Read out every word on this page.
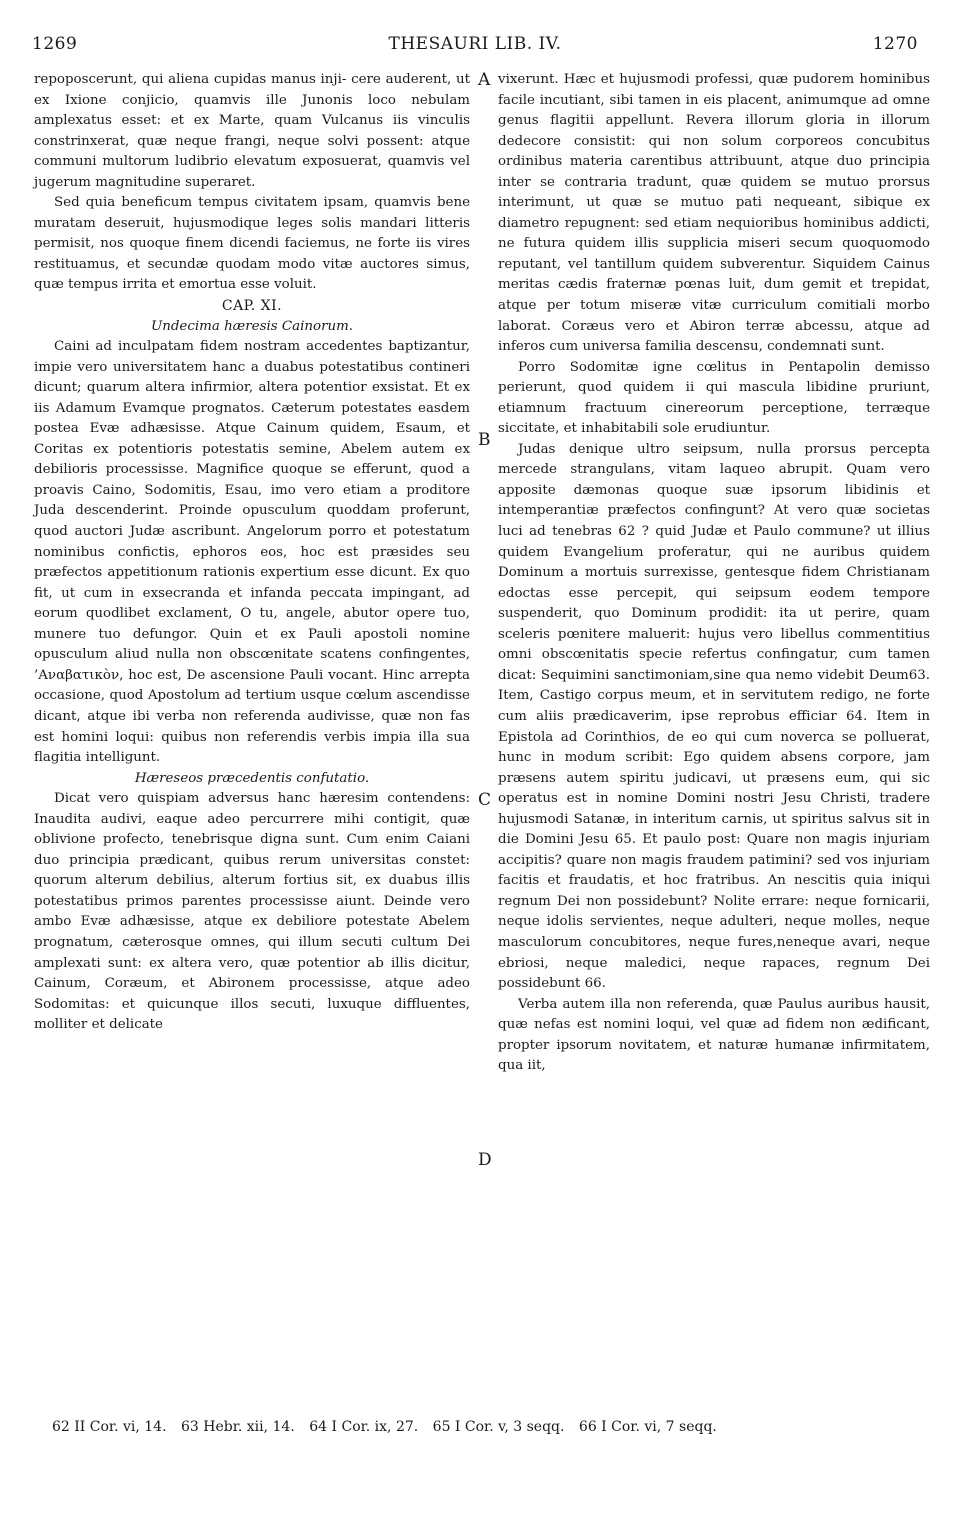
1269	THESAURI LIB. IV.	1270

repoposcerunt, qui aliena cupidas manus inji- cere auderent, ut ex Ixione conjicio, quamvis ille Junonis loco nebulam amplexatus esset: et ex Marte, quam Vulcanus iis vinculis constrinxerat, quæ neque frangi, neque solvi possent: atque communi multorum ludibrio elevatum exposuerat, quamvis vel jugerum magnitudine superaret.

Sed quia beneficum tempus civitatem ipsam, quamvis bene muratam deseruit, hujusmodique leges solis mandari litteris permisit, nos quoque finem dicendi faciemus, ne forte iis vires restituamus, et secundæ quodam modo vitæ auctores simus, quæ tempus irrita et emortua esse voluit.

CAP. XI.

Undecima hæresis Cainorum.

Caini ad inculpatam fidem nostram accedentes baptizantur, impie vero universitatem hanc a duabus potestatibus contineri dicunt; quarum altera infirmior, altera potentior exsistat. Et ex iis Adamum Evamque prognatos. Cæterum potestates easdem postea Evæ adhæsisse. Atque Cainum quidem, Esaum, et Coritas ex potentioris potestatis semine, Abelem autem ex debilioris processisse. Magnifice quoque se efferunt, quod a proavis Caino, Sodomitis, Esau, imo vero etiam a proditore Juda descenderint. Proinde opusculum quoddam proferunt, quod auctori Judæ ascribunt. Angelorum porro et potestatum nominibus confictis, ephoros eos, hoc est præsides seu præfectos appetitionum rationis expertium esse dicunt. Ex quo fit, ut cum in exsecranda et infanda peccata impingant, ad eorum quodlibet exclament, O tu, angele, abutor opere tuo, munere tuo defungor. Quin et ex Pauli apostoli nomine opusculum aliud nulla non obscœnitate scatens confingentes, ’Αναβατικὸν, hoc est, De ascensione Pauli vocant. Hinc arrepta occasione, quod Apostolum ad tertium usque cœlum ascendisse dicant, atque ibi verba non referenda audivisse, quæ non fas est homini loqui: quibus non referendis verbis impia illa sua flagitia intelligunt.

Hæreseos præcedentis confutatio.

Dicat vero quispiam adversus hanc hæresim contendens: Inaudita audivi, eaque adeo percurrere mihi contigit, quæ oblivione profecto, tenebrisque digna sunt. Cum enim Caiani duo principia prædicant, quibus rerum universitas constet: quorum alterum debilius, alterum fortius sit, ex duabus illis potestatibus primos parentes processisse aiunt. Deinde vero ambo Evæ adhæsisse, atque ex debiliore potestate Abelem prognatum, cæterosque omnes, qui illum secuti cultum Dei amplexati sunt: ex altera vero, quæ potentior ab illis dicitur, Cainum, Coræum, et Abironem processisse, atque adeo Sodomitas: et quicunque illos secuti, luxuque diffluentes, molliter et delicate

A
B
C
D

vixerunt. Hæc et hujusmodi professi, quæ pudorem hominibus facile incutiant, sibi tamen in eis placent, animumque ad omne genus flagitii appellunt. Revera illorum gloria in illorum dedecore consistit: qui non solum corporeos concubitus ordinibus materia carentibus attribuunt, atque duo principia inter se contraria tradunt, quæ quidem se mutuo prorsus interimunt, ut quæ se mutuo pati nequeant, sibique ex diametro repugnent: sed etiam nequioribus hominibus addicti, ne futura quidem illis supplicia miseri secum quoquomodo reputant, vel tantillum quidem subverentur. Siquidem Cainus meritas cædis fraternæ pœnas luit, dum gemit et trepidat, atque per totum miseræ vitæ curriculum comitiali morbo laborat. Coræus vero et Abiron terræ abcessu, atque ad inferos cum universa familia descensu, condemnati sunt.

Porro Sodomitæ igne cœlitus in Pentapolin demisso perierunt, quod quidem ii qui mascula libidine pruriunt, etiamnum fractuum cinereorum perceptione, terræque siccitate, et inhabitabili sole erudiuntur.

Judas denique ultro seipsum, nulla prorsus percepta mercede strangulans, vitam laqueo abrupit. Quam vero apposite dæmonas quoque suæ ipsorum libidinis et intemperantiæ præfectos confingunt? At vero quæ societas luci ad tenebras 62 ? quid Judæ et Paulo commune? ut illius quidem Evangelium proferatur, qui ne auribus quidem Dominum a mortuis surrexisse, gentesque fidem Christianam edoctas esse percepit, qui seipsum eodem tempore suspenderit, quo Dominum prodidit: ita ut perire, quam sceleris pœnitere maluerit: hujus vero libellus commentitius omni obscœnitatis specie refertus confingatur, cum tamen dicat: Sequimini sanctimoniam,sine qua nemo videbit Deum63. Item, Castigo corpus meum, et in servitutem redigo, ne forte cum aliis prædicaverim, ipse reprobus efficiar 64. Item in Epistola ad Corinthios, de eo qui cum noverca se polluerat, hunc in modum scribit: Ego quidem absens corpore, jam præsens autem spiritu judicavi, ut præsens eum, qui sic operatus est in nomine Domini nostri Jesu Christi, tradere hujusmodi Satanæ, in interitum carnis, ut spiritus salvus sit in die Domini Jesu 65. Et paulo post: Quare non magis injuriam accipitis? quare non magis fraudem patimini? sed vos injuriam facitis et fraudatis, et hoc fratribus. An nescitis quia iniqui regnum Dei non possidebunt? Nolite errare: neque fornicarii, neque idolis servientes, neque adulteri, neque molles, neque masculorum concubitores, neque fures,neneque avari, neque ebriosi, neque maledici, neque rapaces, regnum Dei possidebunt 66.

Verba autem illa non referenda, quæ Paulus auribus hausit, quæ nefas est nomini loqui, vel quæ ad fidem non ædificant, propter ipsorum novitatem, et naturæ humanæ infirmitatem, qua iit,

62 II Cor. vi, 14. 63 Hebr. xii, 14. 64 I Cor. ix, 27. 65 I Cor. v, 3 seqq. 66 I Cor. vi, 7 seqq.
